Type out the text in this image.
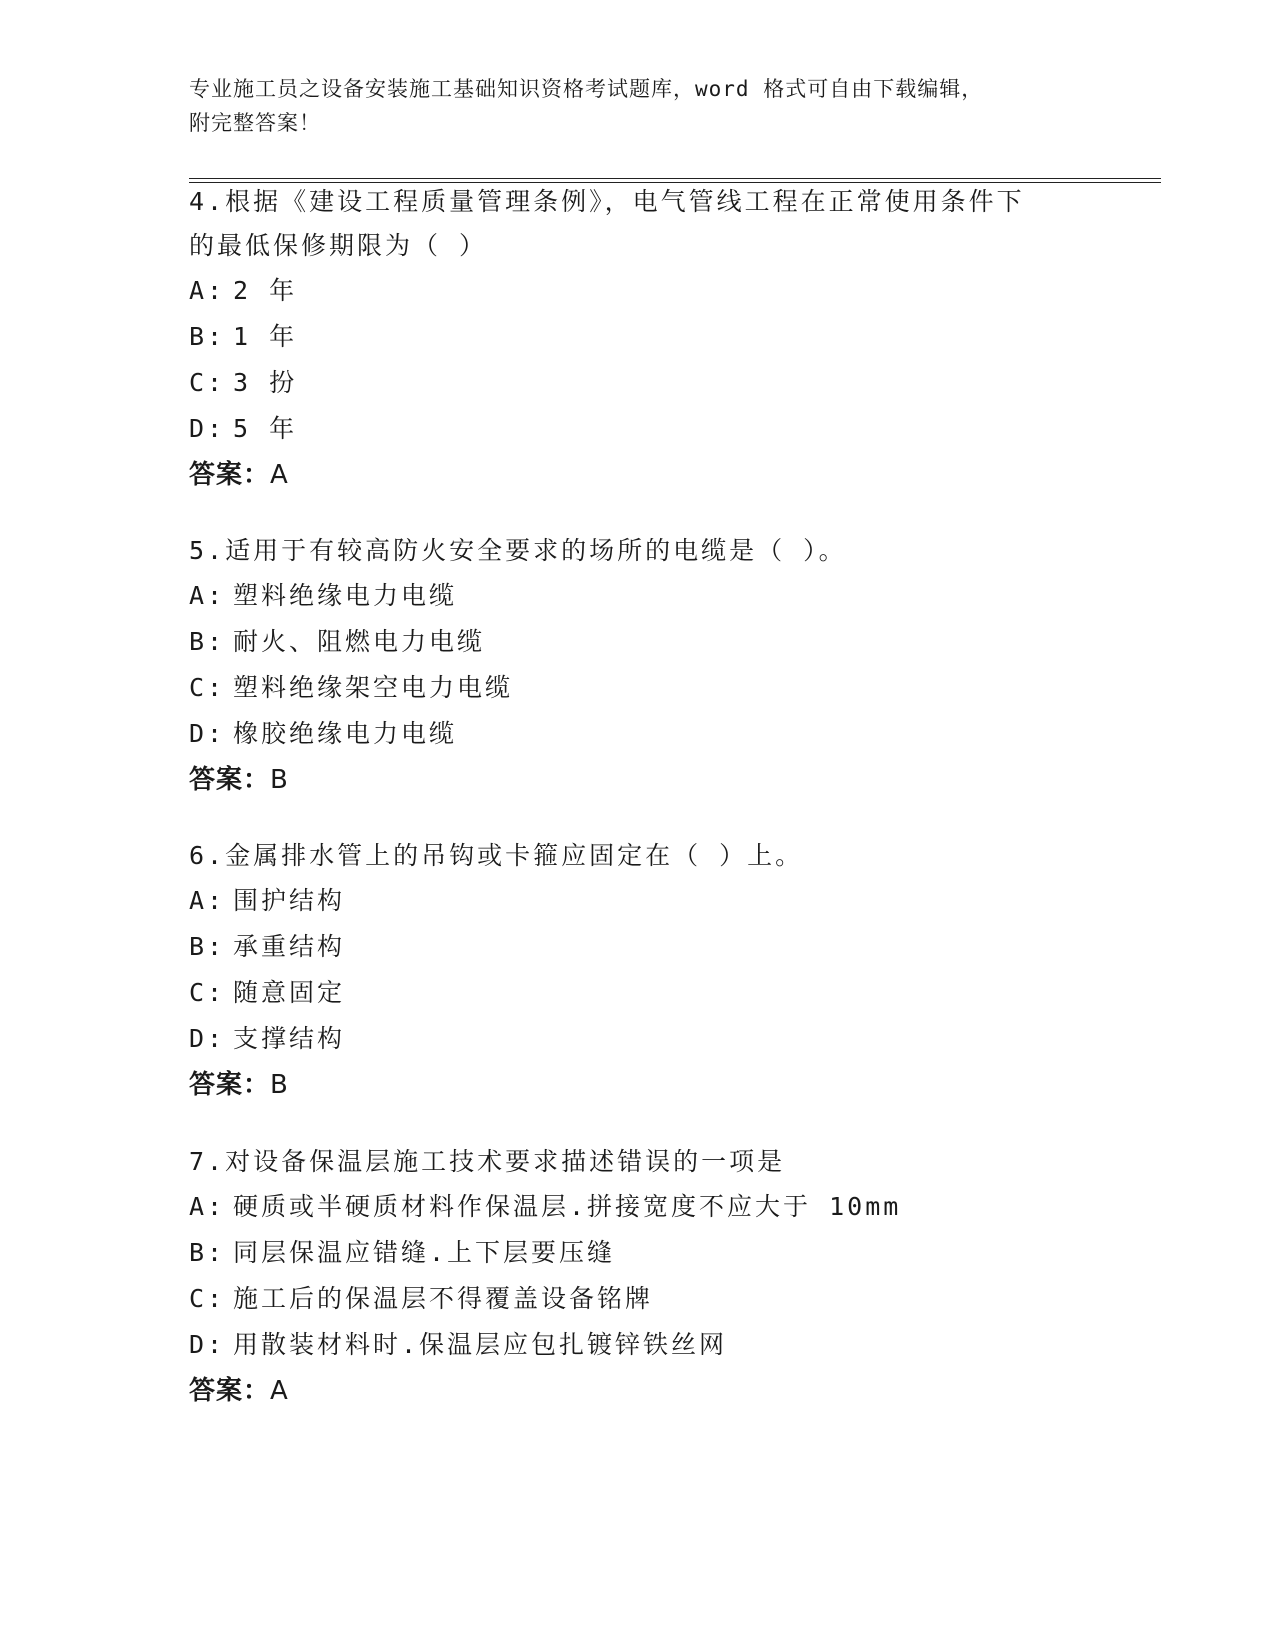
专业施工员之设备安装施工基础知识资格考试题库，word 格式可自由下载编辑，
附完整答案！

4.根据《建设工程质量管理条例》，电气管线工程在正常使用条件下

的最低保修期限为（ ）

A: 2 年

B: 1 年

C: 3 扮

D: 5 年

答案：A

5.适用于有较高防火安全要求的场所的电缆是（ ）。

A: 塑料绝缘电力电缆

B: 耐火、阻燃电力电缆

C: 塑料绝缘架空电力电缆

D: 橡胶绝缘电力电缆

答案：B

6.金属排水管上的吊钩或卡箍应固定在（ ）上。

A: 围护结构

B: 承重结构

C: 随意固定

D: 支撑结构

答案：B

7.对设备保温层施工技术要求描述错误的一项是

A: 硬质或半硬质材料作保温层.拼接宽度不应大于 10mm

B: 同层保温应错缝.上下层要压缝

C: 施工后的保温层不得覆盖设备铭牌

D: 用散装材料时.保温层应包扎镀锌铁丝网

答案：A
